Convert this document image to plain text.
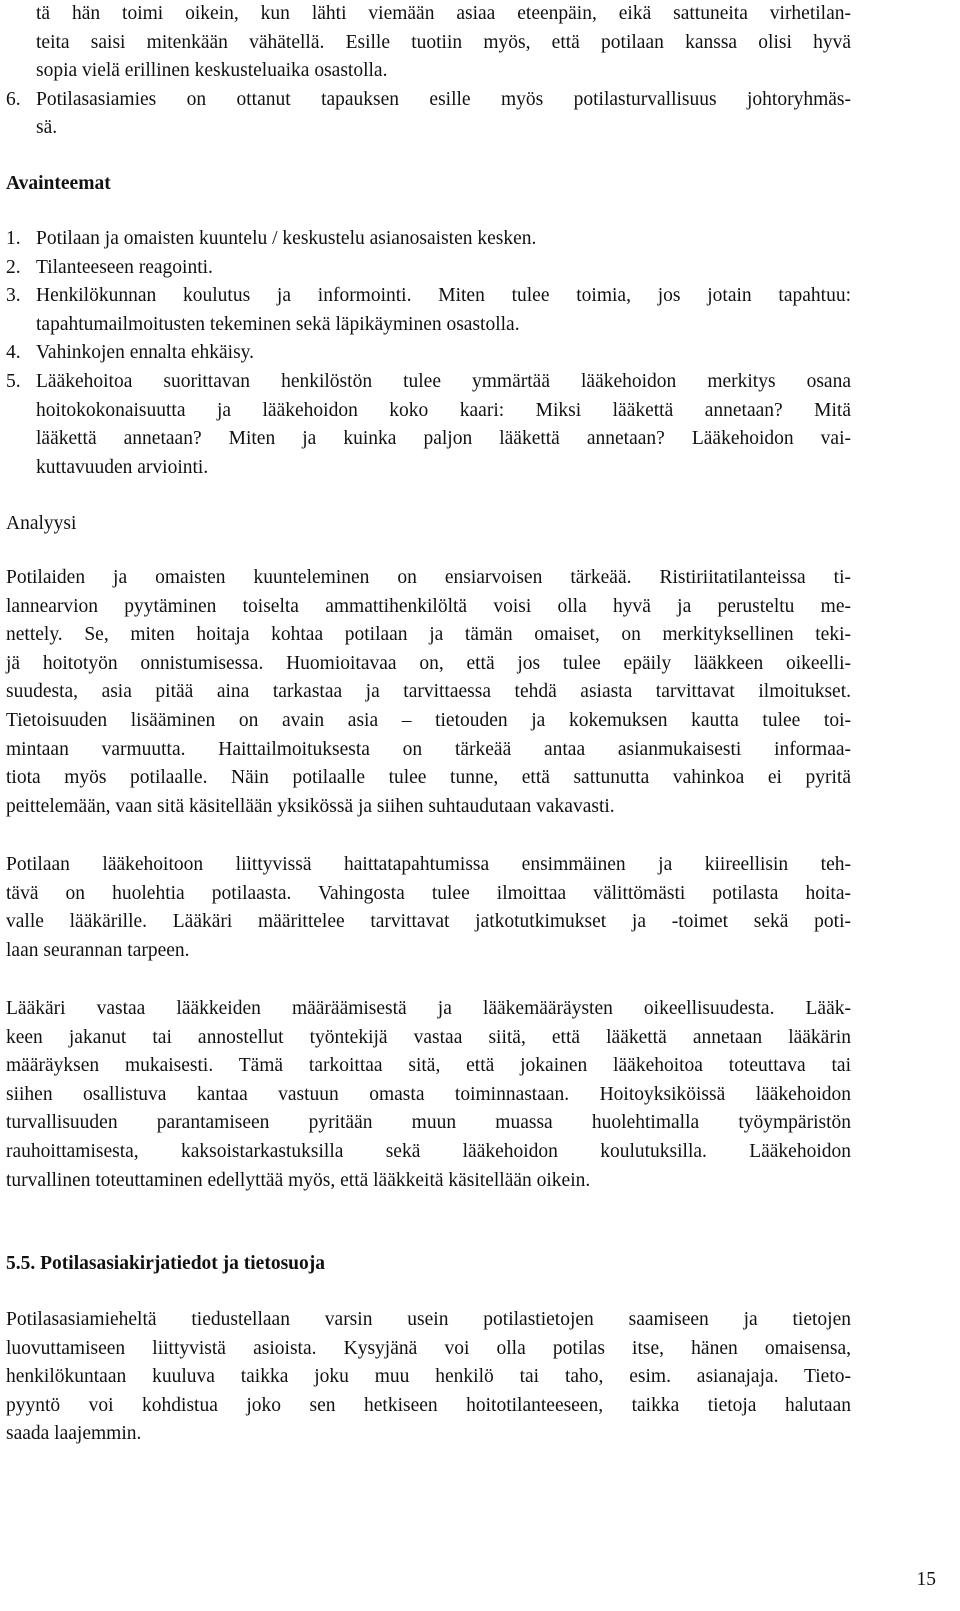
tä hän toimi oikein, kun lähti viemään asiaa eteenpäin, eikä sattuneita virhetilan-
teita saisi mitenkään vähätellä. Esille tuotiin myös, että potilaan kanssa olisi hyvä
sopia vielä erillinen keskusteluaika osastolla.
6. Potilasasiamies on ottanut tapauksen esille myös potilasturvallisuus johtoryhmäs-
sä.
Avainteemat
1. Potilaan ja omaisten kuuntelu / keskustelu asianosaisten kesken.
2. Tilanteeseen reagointi.
3. Henkilökunnan koulutus ja informointi. Miten tulee toimia, jos jotain tapahtuu:
tapahtumailmoitusten tekeminen sekä läpikäyminen osastolla.
4. Vahinkojen ennalta ehkäisy.
5. Lääkehoitoa suorittavan henkilöstön tulee ymmärtää lääkehoidon merkitys osana
hoitokokonaisuutta ja lääkehoidon koko kaari: Miksi lääkettä annetaan? Mitä
lääkettä annetaan? Miten ja kuinka paljon lääkettä annetaan? Lääkehoidon vai-
kuttavuuden arviointi.
Analyysi
Potilaiden ja omaisten kuunteleminen on ensiarvoisen tärkeää. Ristiriitatilanteissa ti-
lannearvion pyytäminen toiselta ammattihenkilöltä voisi olla hyvä ja perusteltu me-
nettely. Se, miten hoitaja kohtaa potilaan ja tämän omaiset, on merkityksellinen teki-
jä hoitotyön onnistumisessa. Huomioitavaa on, että jos tulee epäily lääkkeen oikeelli-
suudesta, asia pitää aina tarkastaa ja tarvittaessa tehdä asiasta tarvittavat ilmoitukset.
Tietoisuuden lisääminen on avain asia – tietouden ja kokemuksen kautta tulee toi-
mintaan varmuutta. Haittailmoituksesta on tärkeää antaa asianmukaisesti informaa-
tiota myös potilaalle. Näin potilaalle tulee tunne, että sattunutta vahinkoa ei pyritä
peittelemään, vaan sitä käsitellään yksikössä ja siihen suhtaudutaan vakavasti.
Potilaan lääkehoitoon liittyvissä haittatapahtumissa ensimmäinen ja kiireellisin teh-
tävä on huolehtia potilaasta. Vahingosta tulee ilmoittaa välittömästi potilasta hoita-
valle lääkärille. Lääkäri määrittelee tarvittavat jatkotutkimukset ja -toimet sekä poti-
laan seurannan tarpeen.
Lääkäri vastaa lääkkeiden määräämisestä ja lääkemääräysten oikeellisuudesta. Lääk-
keen jakanut tai annostellut työntekijä vastaa siitä, että lääkettä annetaan lääkärin
määräyksen mukaisesti. Tämä tarkoittaa sitä, että jokainen lääkehoitoa toteuttava tai
siihen osallistuva kantaa vastuun omasta toiminnastaan. Hoitoyksiköissä lääkehoidon
turvallisuuden parantamiseen pyritään muun muassa huolehtimalla työympäristön
rauhoittamisesta, kaksoistarkastuksilla sekä lääkehoidon koulutuksilla. Lääkehoidon
turvallinen toteuttaminen edellyttää myös, että lääkkeitä käsitellään oikein.
5.5. Potilasasiakirjatiedot ja tietosuoja
Potilasasiamieheltä tiedustellaan varsin usein potilastietojen saamiseen ja tietojen
luovuttamiseen liittyvistä asioista. Kysyjänä voi olla potilas itse, hänen omaisensa,
henkilökuntaan kuuluva taikka joku muu henkilö tai taho, esim. asianajaja. Tieto-
pyyntö voi kohdistua joko sen hetkiseen hoitotilanteeseen, taikka tietoja halutaan
saada laajemmin.
15
